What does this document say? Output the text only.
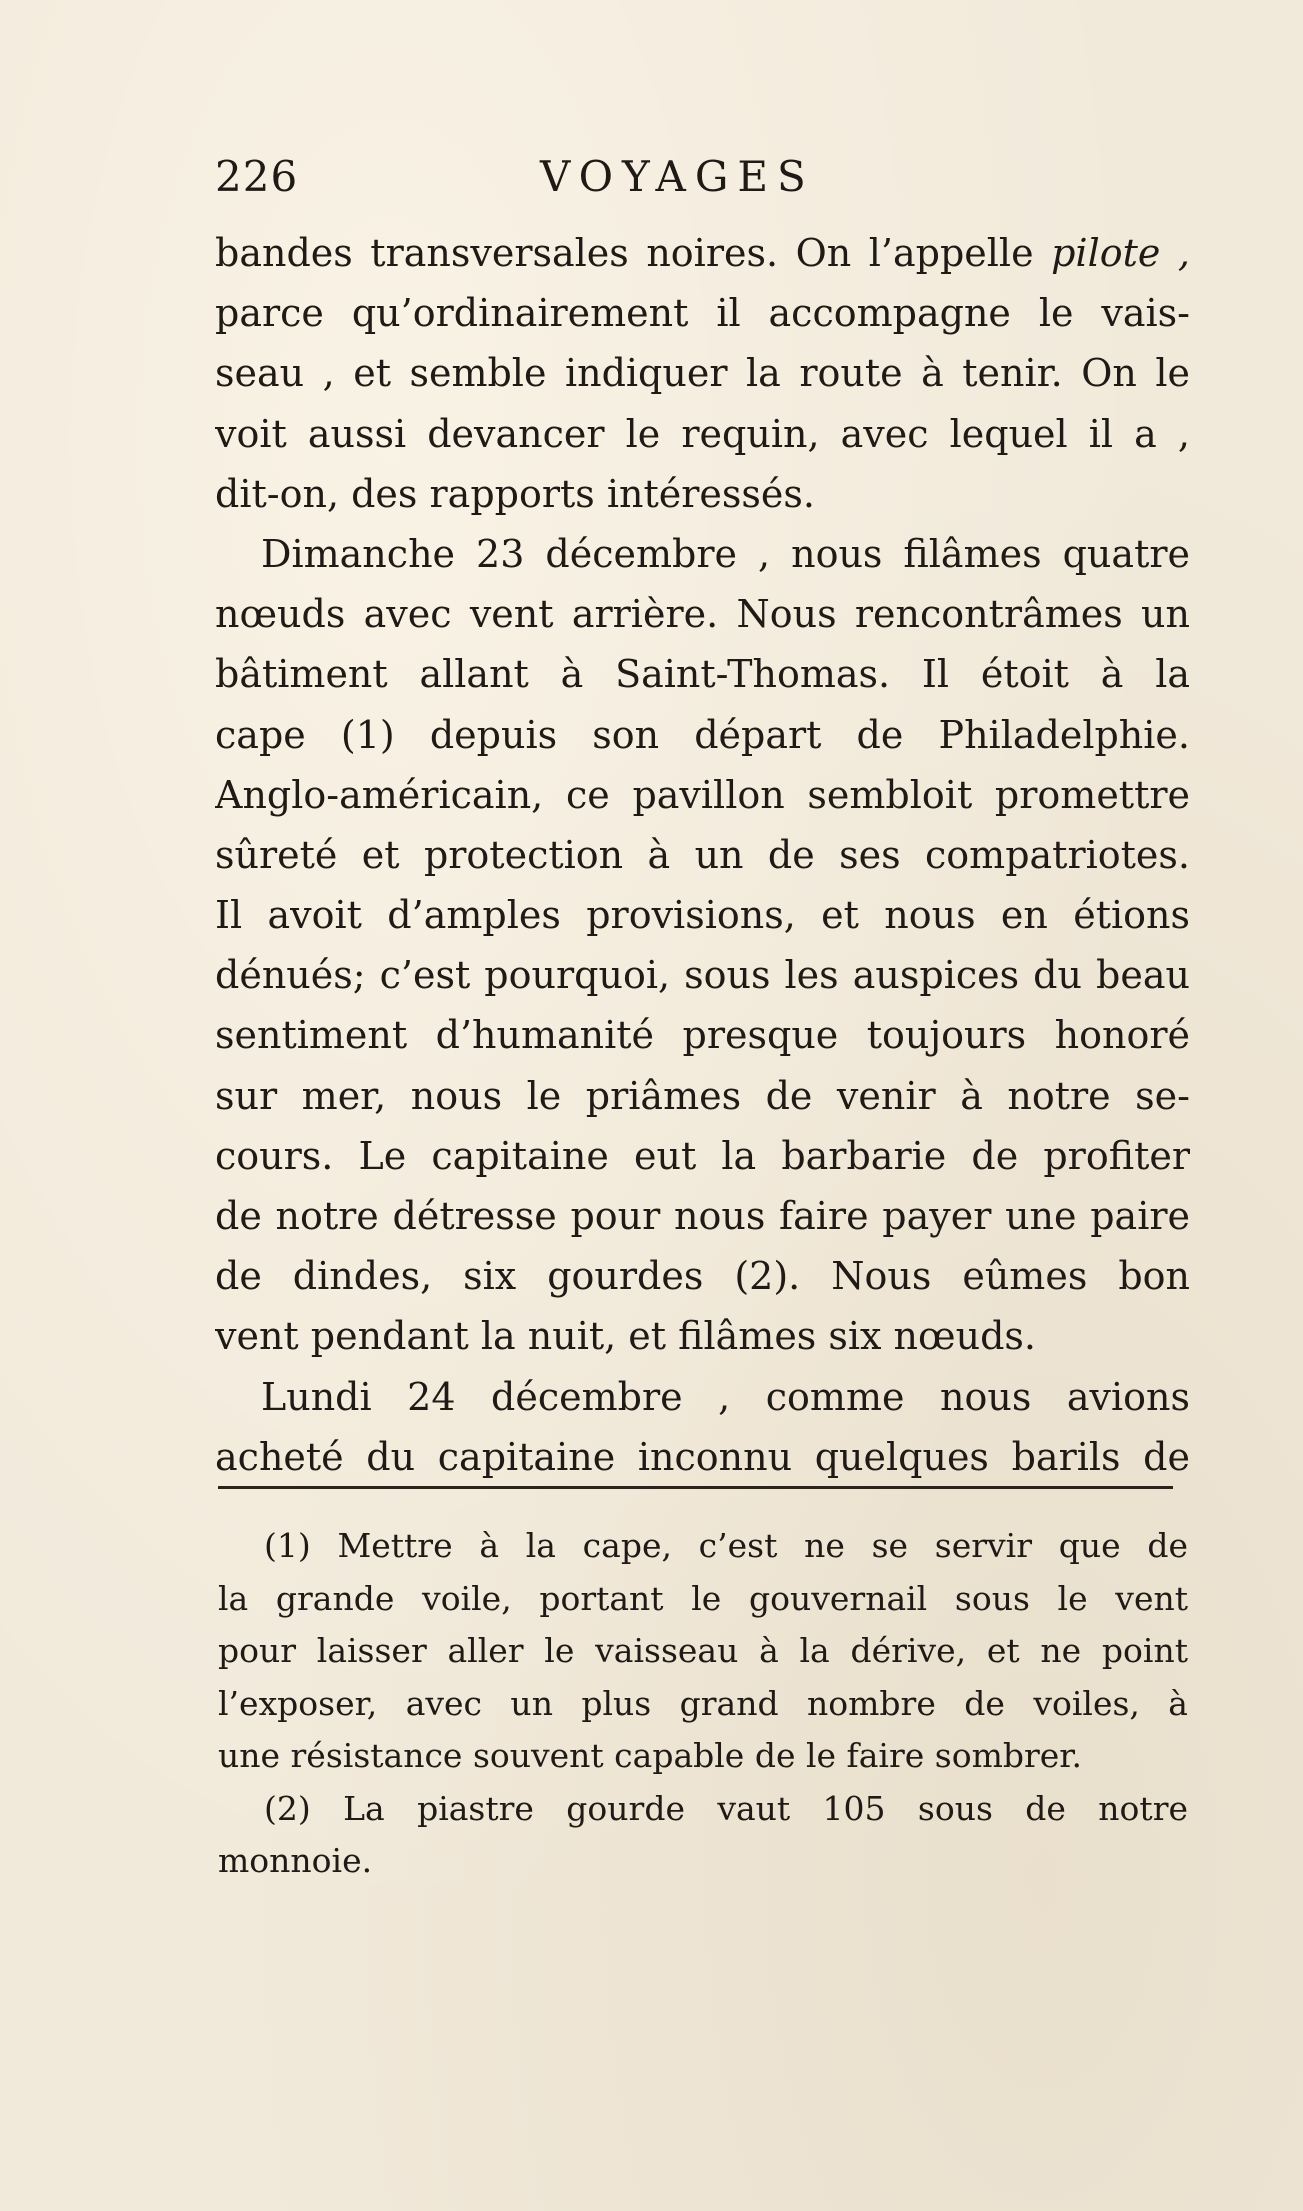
226	VOYAGES
bandes transversales noires. On l’appelle pilote ,
parce qu’ordinairement il accompagne le vais-
seau , et semble indiquer la route à tenir. On le
voit aussi devancer le requin, avec lequel il a ,
dit-on, des rapports intéressés.
Dimanche 23 décembre , nous filâmes quatre
nœuds avec vent arrière. Nous rencontrâmes un
bâtiment allant à Saint-Thomas. Il étoit à la
cape (1) depuis son départ de Philadelphie.
Anglo-américain, ce pavillon sembloit promettre
sûreté et protection à un de ses compatriotes.
Il avoit d’amples provisions, et nous en étions
dénués; c’est pourquoi, sous les auspices du beau
sentiment d’humanité presque toujours honoré
sur mer, nous le priâmes de venir à notre se-
cours. Le capitaine eut la barbarie de profiter
de notre détresse pour nous faire payer une paire
de dindes, six gourdes (2). Nous eûmes bon
vent pendant la nuit, et filâmes six nœuds.
Lundi 24 décembre , comme nous avions
acheté du capitaine inconnu quelques barils de
(1) Mettre à la cape, c’est ne se servir que de
la grande voile, portant le gouvernail sous le vent
pour laisser aller le vaisseau à la dérive, et ne point
l’exposer, avec un plus grand nombre de voiles, à
une résistance souvent capable de le faire sombrer.
(2) La piastre gourde vaut 105 sous de notre
monnoie.
